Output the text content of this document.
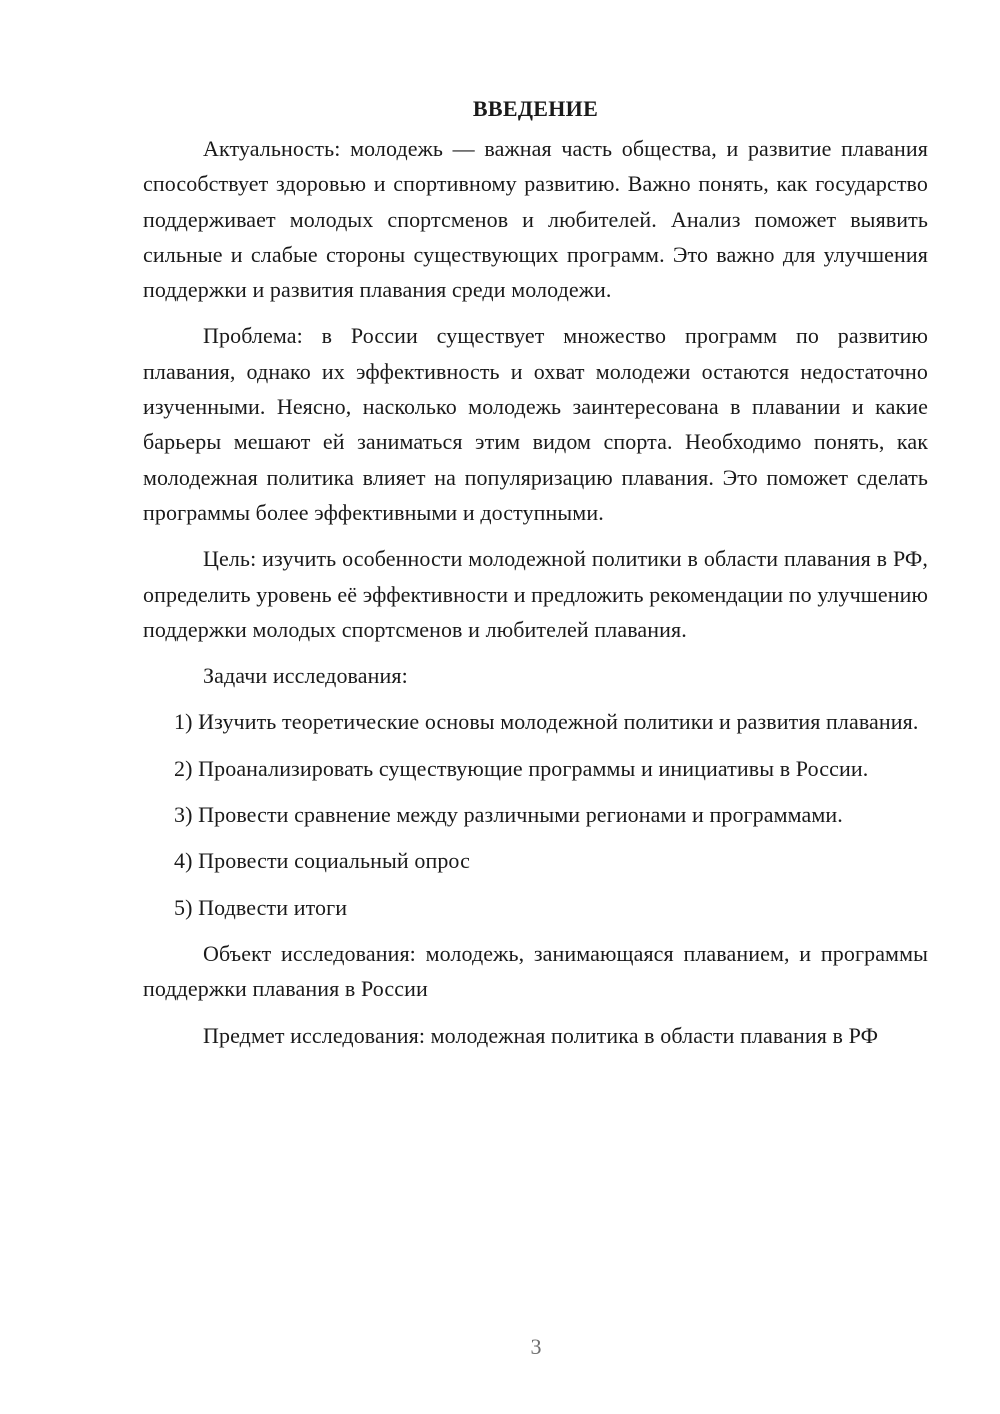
ВВЕДЕНИЕ

Актуальность: молодежь — важная часть общества, и развитие плавания способствует здоровью и спортивному развитию. Важно понять, как государство поддерживает молодых спортсменов и любителей. Анализ поможет выявить сильные и слабые стороны существующих программ. Это важно для улучшения поддержки и развития плавания среди молодежи.

Проблема: в России существует множество программ по развитию плавания, однако их эффективность и охват молодежи остаются недостаточно изученными. Неясно, насколько молодежь заинтересована в плавании и какие барьеры мешают ей заниматься этим видом спорта. Необходимо понять, как молодежная политика влияет на популяризацию плавания. Это поможет сделать программы более эффективными и доступными.

Цель: изучить особенности молодежной политики в области плавания в РФ, определить уровень её эффективности и предложить рекомендации по улучшению поддержки молодых спортсменов и любителей плавания.

Задачи исследования:

1) Изучить теоретические основы молодежной политики и развития плавания.

2) Проанализировать существующие программы и инициативы в России.

3) Провести сравнение между различными регионами и программами.

4) Провести социальный опрос

5) Подвести итоги

Объект исследования: молодежь, занимающаяся плаванием, и программы поддержки плавания в России

Предмет исследования: молодежная политика в области плавания в РФ

3
